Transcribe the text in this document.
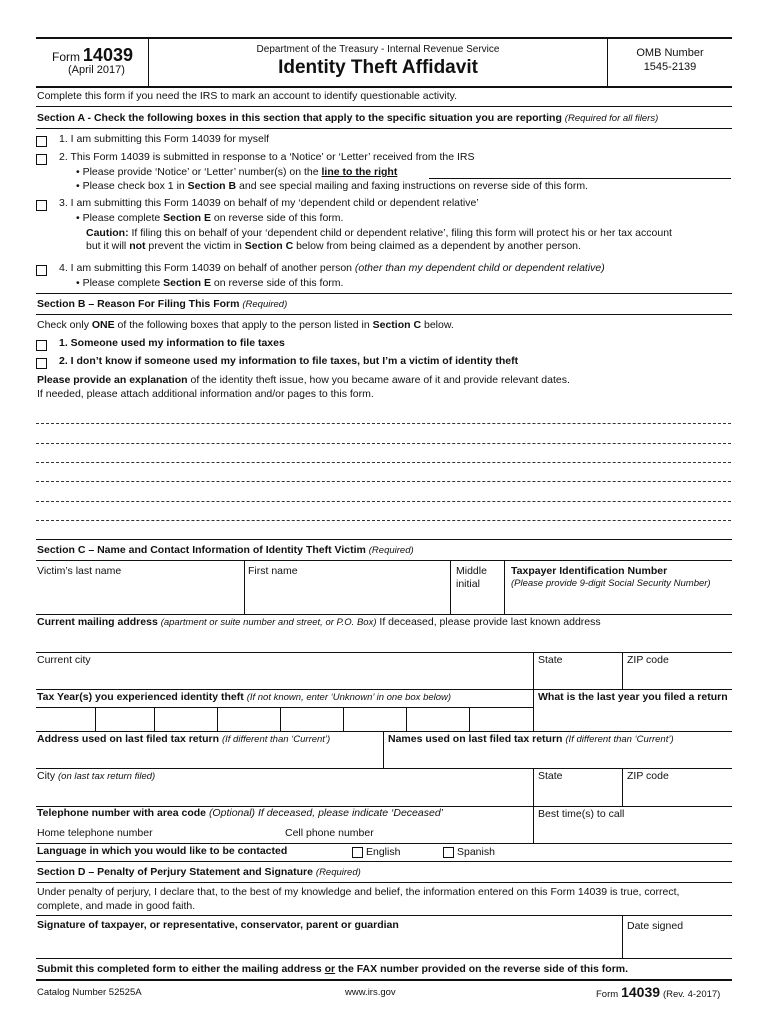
Form 14039
(April 2017)
Department of the Treasury - Internal Revenue Service
Identity Theft Affidavit
OMB Number
1545-2139
Complete this form if you need the IRS to mark an account to identify questionable activity.
Section A - Check the following boxes in this section that apply to the specific situation you are reporting (Required for all filers)
1. I am submitting this Form 14039 for myself
2. This Form 14039 is submitted in response to a ‘Notice’ or ‘Letter’ received from the IRS
• Please provide ‘Notice’ or ‘Letter’ number(s) on the line to the right
• Please check box 1 in Section B and see special mailing and faxing instructions on reverse side of this form.
3. I am submitting this Form 14039 on behalf of my ‘dependent child or dependent relative’
• Please complete Section E on reverse side of this form.
Caution: If filing this on behalf of your ‘dependent child or dependent relative’, filing this form will protect his or her tax account
but it will not prevent the victim in Section C below from being claimed as a dependent by another person.
4. I am submitting this Form 14039 on behalf of another person (other than my dependent child or dependent relative)
• Please complete Section E on reverse side of this form.
Section B – Reason For Filing This Form (Required)
Check only ONE of the following boxes that apply to the person listed in Section C below.
1. Someone used my information to file taxes
2. I don’t know if someone used my information to file taxes, but I’m a victim of identity theft
Please provide an explanation of the identity theft issue, how you became aware of it and provide relevant dates.
If needed, please attach additional information and/or pages to this form.
Section C – Name and Contact Information of Identity Theft Victim (Required)
Victim’s last name	First name	Middle
initial
Taxpayer Identification Number
(Please provide 9-digit Social Security Number)
Current mailing address (apartment or suite number and street, or P.O. Box) If deceased, please provide last known address
Current city	State	ZIP code
Tax Year(s) you experienced identity theft (If not known, enter ‘Unknown’ in one box below)	What is the last year you filed a return
Address used on last filed tax return (If different than ‘Current’)	Names used on last filed tax return (If different than ‘Current’)
City (on last tax return filed)	State	ZIP code
Telephone number with area code (Optional) If deceased, please indicate ‘Deceased’
Home telephone number	Cell phone number
Best time(s) to call
Language in which you would like to be contacted	English	Spanish
Section D – Penalty of Perjury Statement and Signature (Required)
Under penalty of perjury, I declare that, to the best of my knowledge and belief, the information entered on this Form 14039 is true, correct,
complete, and made in good faith.
Signature of taxpayer, or representative, conservator, parent or guardian	Date signed
Submit this completed form to either the mailing address or the FAX number provided on the reverse side of this form.
Catalog Number 52525A	www.irs.gov	Form 14039 (Rev. 4-2017)
